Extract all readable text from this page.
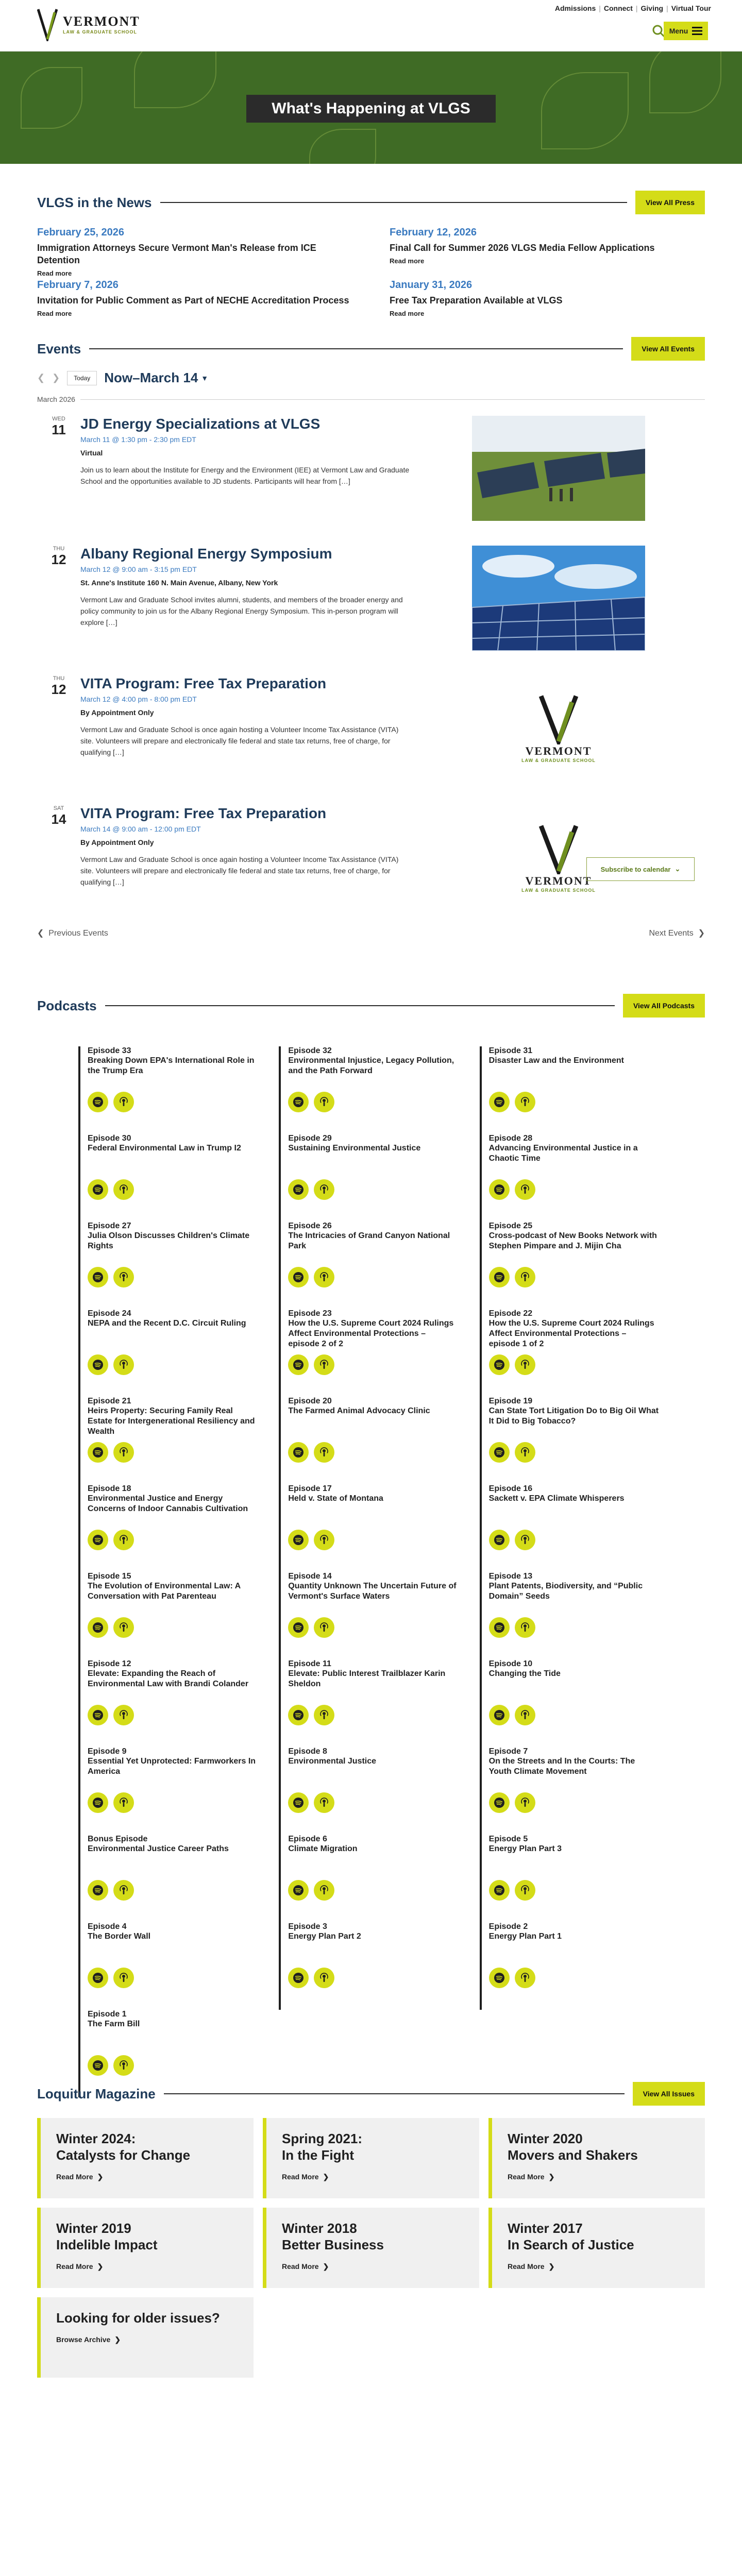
VERMONT
LAW & GRADUATE SCHOOL
Admissions | Connect | Giving | Virtual Tour
Menu
What's Happening at VLGS
VLGS in the News	View All Press
February 25, 2026
Immigration Attorneys Secure Vermont Man's Release from ICE Detention
Read more
February 12, 2026
Final Call for Summer 2026 VLGS Media Fellow Applications
Read more
February 7, 2026
Invitation for Public Comment as Part of NECHE Accreditation Process
Read more
January 31, 2026
Free Tax Preparation Available at VLGS
Read more
Events	View All Events
❮ ❯	Today	Now–March 14 ▼
March 2026
WED
11	JD Energy Specializations at VLGS
March 11 @ 1:30 pm - 2:30 pm EDT
Virtual
Join us to learn about the Institute for Energy and the Environment (IEE) at Vermont Law and Graduate School and the opportunities available to JD students. Participants will hear from […]
THU
12 Albany Regional Energy Symposium
March 12 @ 9:00 am - 3:15 pm EDT
St. Anne's Institute 160 N. Main Avenue, Albany, New York
Vermont Law and Graduate School invites alumni, students, and members of the broader energy and policy community to join us for the Albany Regional Energy Symposium. This in-person program will explore […]
THU
12 VITA Program: Free Tax Preparation
March 12 @ 4:00 pm - 8:00 pm EDT
By Appointment Only
Vermont Law and Graduate School is once again hosting a Volunteer Income Tax Assistance (VITA) site. Volunteers will prepare and electronically file federal and state tax returns, free of charge, for qualifying […]	VERMONT
LAW & GRADUATE SCHOOL
SAT
14 VITA Program: Free Tax Preparation
March 14 @ 9:00 am - 12:00 pm EDT
By Appointment Only
Vermont Law and Graduate School is once again hosting a Volunteer Income Tax Assistance (VITA) site. Volunteers will prepare and electronically file federal and state tax returns, free of charge, for qualifying […]	VERMONT
LAW & GRADUATE SCHOOL
❮  Previous Events	Next Events  ❯
Subscribe to calendar ⌄
Podcasts	View All Podcasts
Episode 33
Breaking Down EPA's International Role in the Trump Era
Episode 32
Environmental Injustice, Legacy Pollution, and the Path Forward
Episode 31
Disaster Law and the Environment
Episode 30
Federal Environmental Law in Trump I2
Episode 29
Sustaining Environmental Justice
Episode 28
Advancing Environmental Justice in a Chaotic Time
Episode 27
Julia Olson Discusses Children's Climate Rights
Episode 26
The Intricacies of Grand Canyon National Park
Episode 25
Cross-podcast of New Books Network with Stephen Pimpare and J. Mijin Cha
Episode 24
NEPA and the Recent D.C. Circuit Ruling
Episode 23
How the U.S. Supreme Court 2024 Rulings Affect Environmental Protections – episode 2 of 2
Episode 22
How the U.S. Supreme Court 2024 Rulings Affect Environmental Protections – episode 1 of 2
Episode 21
Heirs Property: Securing Family Real Estate for Intergenerational Resiliency and Wealth
Episode 20
The Farmed Animal Advocacy Clinic
Episode 19
Can State Tort Litigation Do to Big Oil What It Did to Big Tobacco?
Episode 18
Environmental Justice and Energy Concerns of Indoor Cannabis Cultivation
Episode 17
Held v. State of Montana
Episode 16
Sackett v. EPA Climate Whisperers
Episode 15
The Evolution of Environmental Law: A Conversation with Pat Parenteau
Episode 14
Quantity Unknown The Uncertain Future of Vermont's Surface Waters
Episode 13
Plant Patents, Biodiversity, and “Public Domain” Seeds
Episode 12
Elevate: Expanding the Reach of Environmental Law with Brandi Colander
Episode 11
Elevate: Public Interest Trailblazer Karin Sheldon
Episode 10
Changing the Tide
Episode 9
Essential Yet Unprotected: Farmworkers In America
Episode 8
Environmental Justice
Episode 7
On the Streets and In the Courts: The Youth Climate Movement
Bonus Episode
Environmental Justice Career Paths
Episode 6
Climate Migration
Episode 5
Energy Plan Part 3
Episode 4
The Border Wall
Episode 3
Energy Plan Part 2
Episode 2
Energy Plan Part 1
Episode 1
The Farm Bill
Loquitur Magazine	View All Issues
Winter 2024:
Catalysts for Change
Read More ❯
Spring 2021:
In the Fight
Read More ❯
Winter 2020
Movers and Shakers
Read More ❯
Winter 2019
Indelible Impact
Read More ❯
Winter 2018
Better Business
Read More ❯
Winter 2017
In Search of Justice
Read More ❯
Looking for older issues?
Browse Archive ❯
